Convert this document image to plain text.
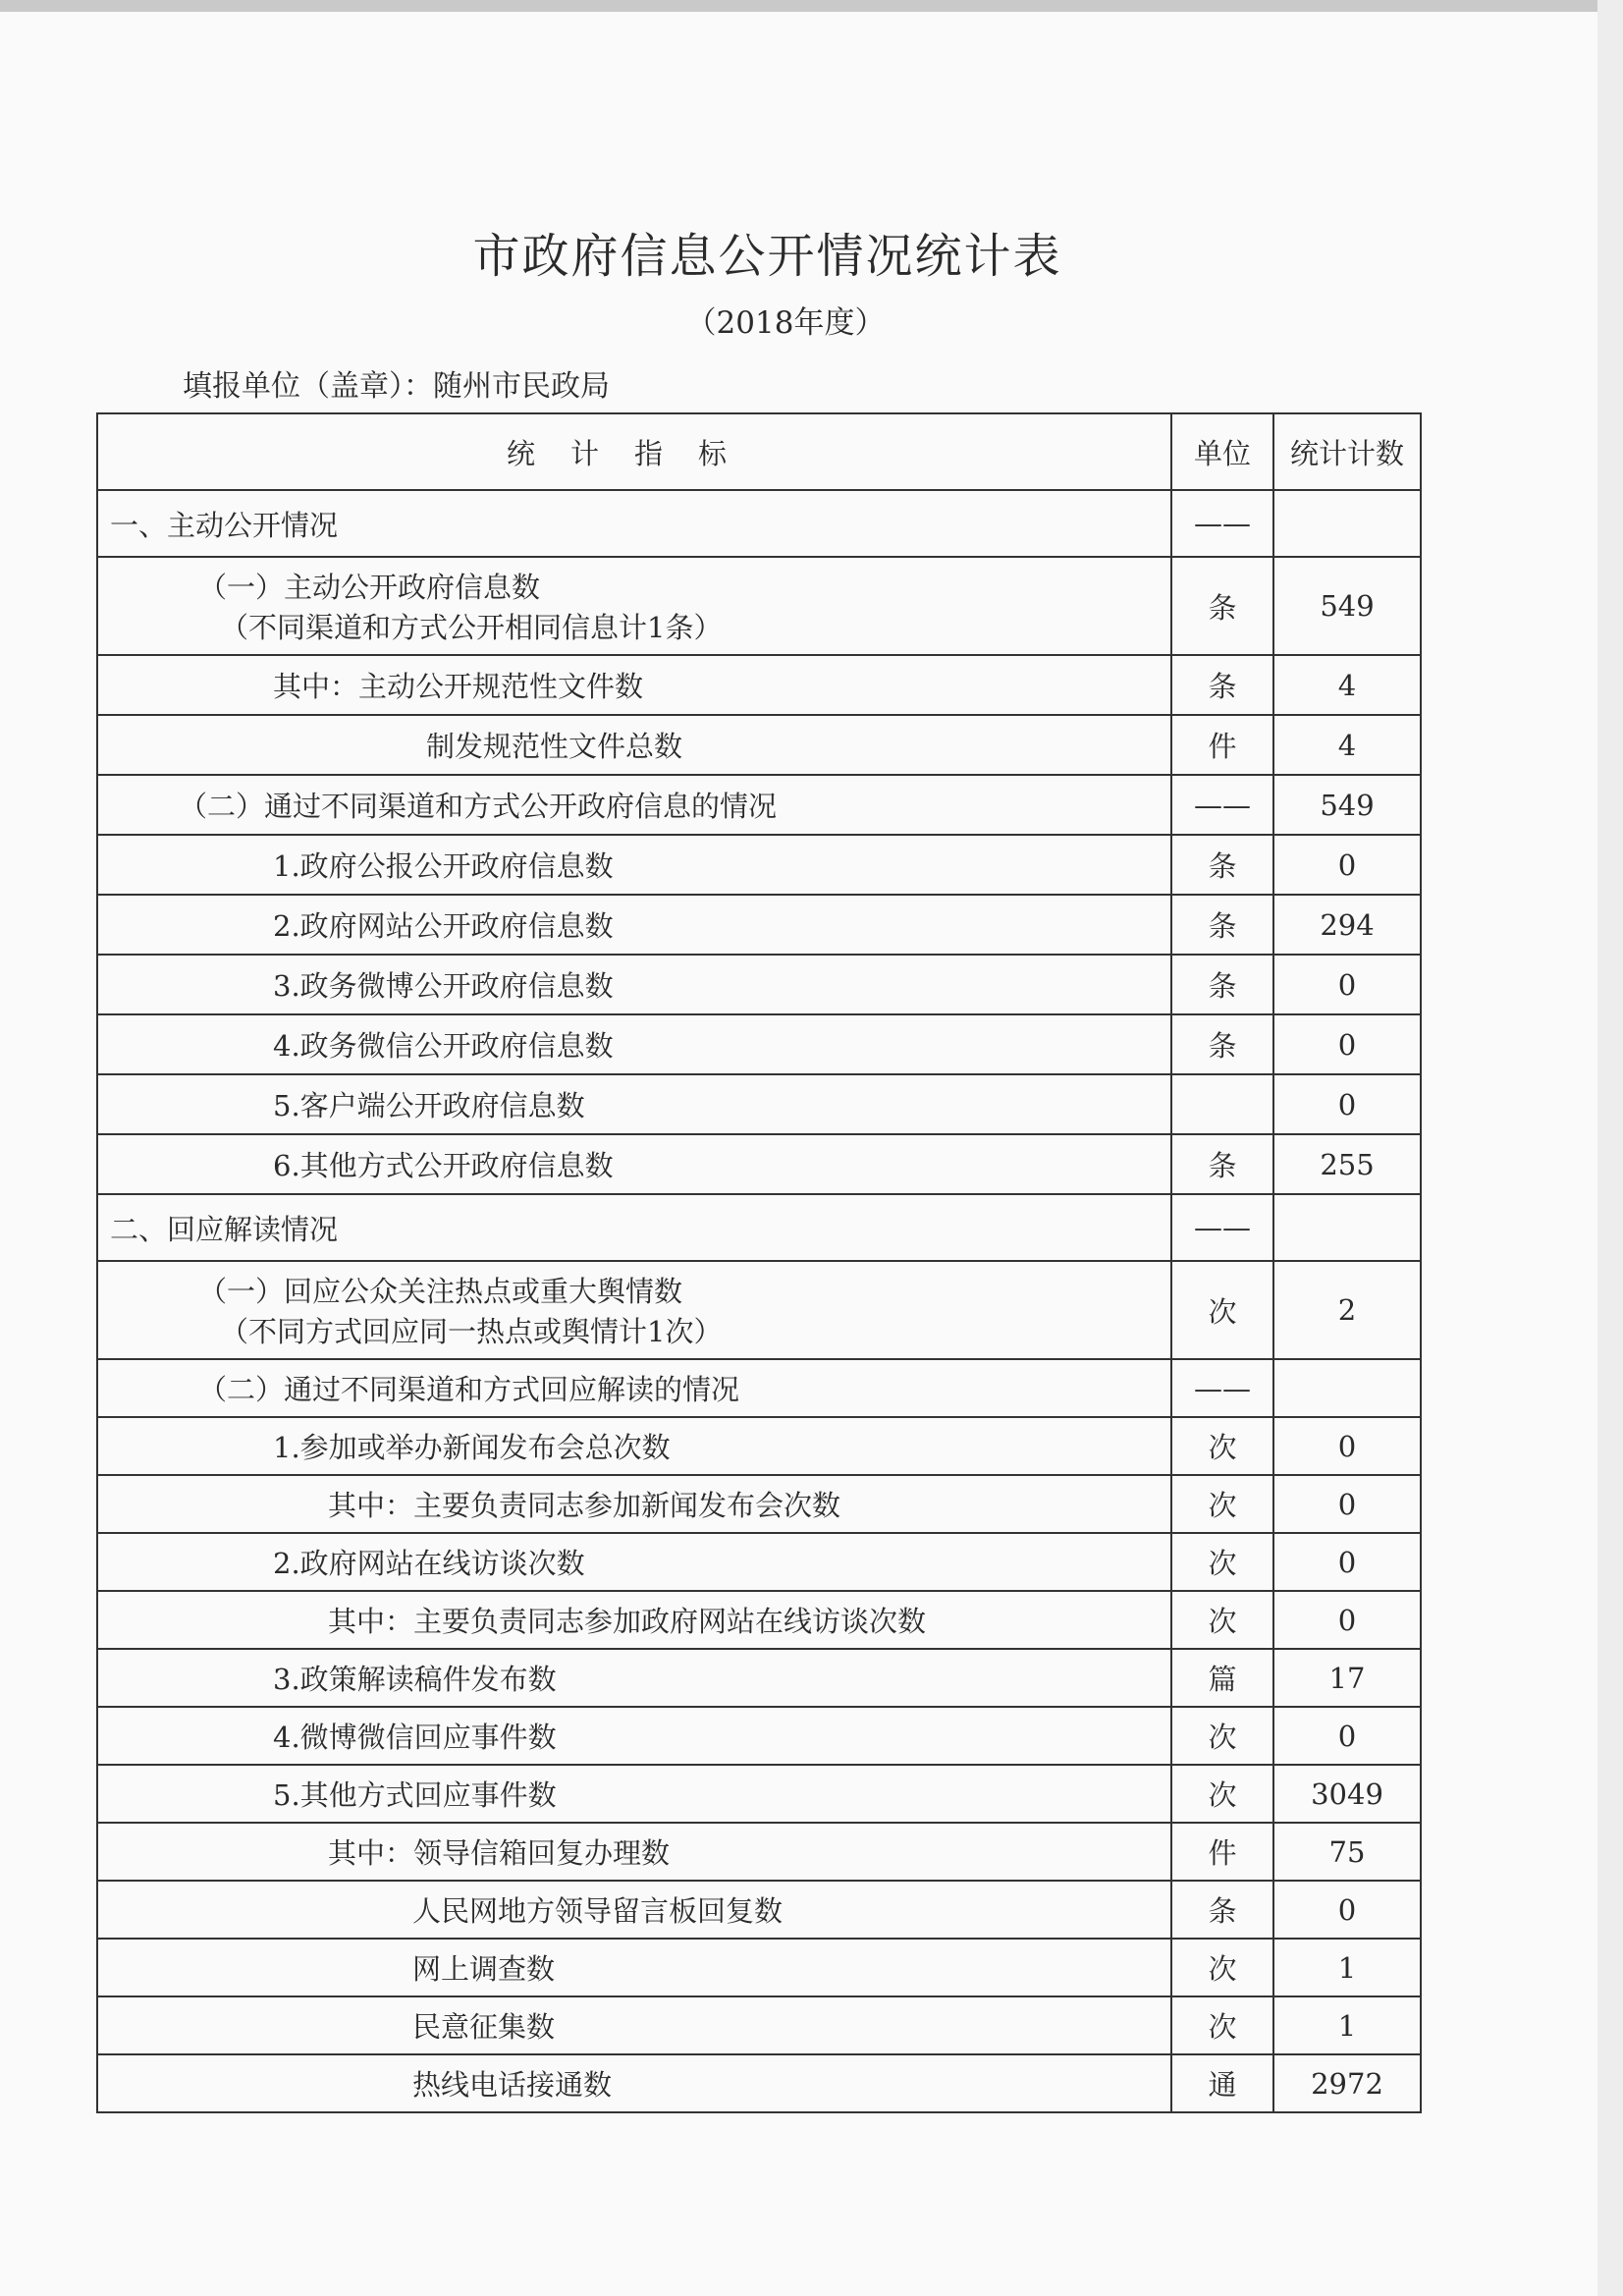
市政府信息公开情况统计表
（2018年度）
填报单位（盖章）：随州市民政局
统计指标	单位	统计计数
一、主动公开情况	——	
（一）主动公开政府信息数
（不同渠道和方式公开相同信息计1条）	条	549
其中：主动公开规范性文件数	条	4
制发规范性文件总数	件	4
（二）通过不同渠道和方式公开政府信息的情况	——	549
1.政府公报公开政府信息数	条	0
2.政府网站公开政府信息数	条	294
3.政务微博公开政府信息数	条	0
4.政务微信公开政府信息数	条	0
5.客户端公开政府信息数		0
6.其他方式公开政府信息数	条	255
二、回应解读情况	——	
（一）回应公众关注热点或重大舆情数
（不同方式回应同一热点或舆情计1次）	次	2
（二）通过不同渠道和方式回应解读的情况	——	
1.参加或举办新闻发布会总次数	次	0
其中：主要负责同志参加新闻发布会次数	次	0
2.政府网站在线访谈次数	次	0
其中：主要负责同志参加政府网站在线访谈次数	次	0
3.政策解读稿件发布数	篇	17
4.微博微信回应事件数	次	0
5.其他方式回应事件数	次	3049
其中：领导信箱回复办理数	件	75
人民网地方领导留言板回复数	条	0
网上调查数	次	1
民意征集数	次	1
热线电话接通数	通	2972
